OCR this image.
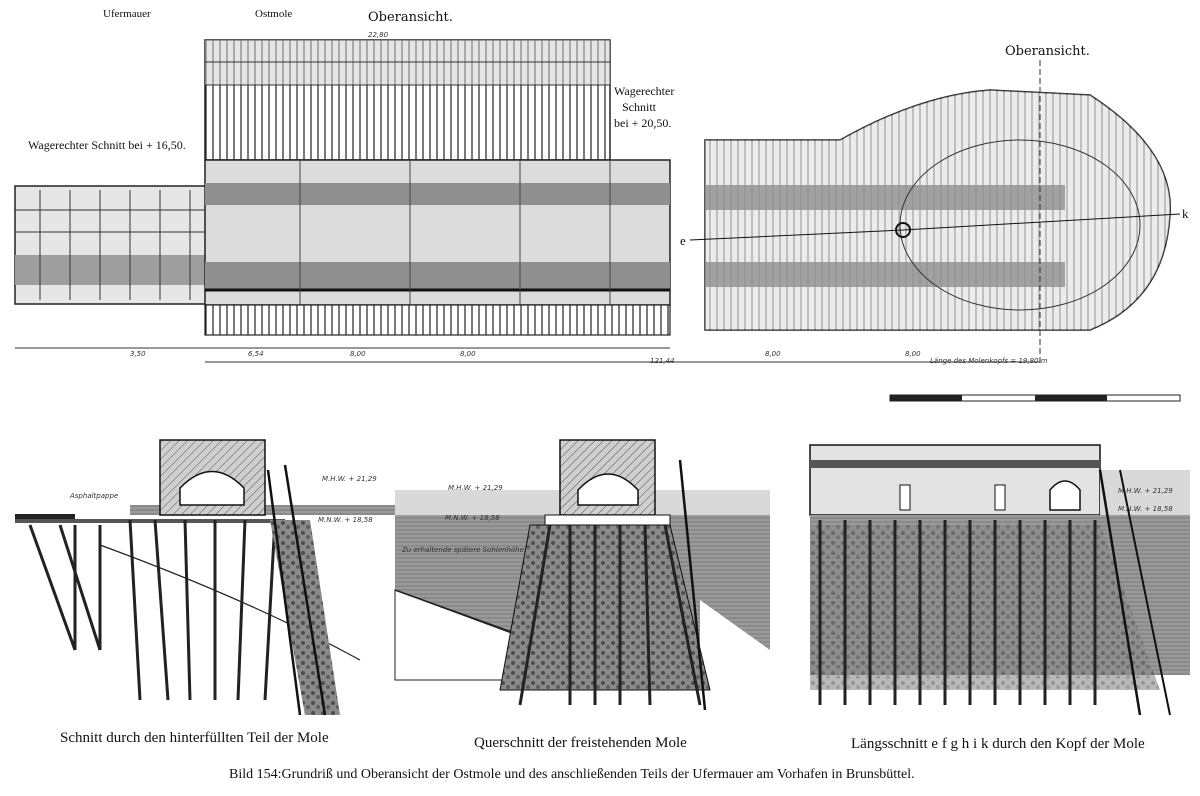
Ufermauer	Ostmole	Oberansicht.
Oberansicht.
Wagerechter Schnitt bei + 16,50.
Wagerechter
Schnitt
bei + 20,50.
e
k
22,80
3,50	6,54	8,00	8,00
121,44
8,00	8,00
Länge des Molenkopfs = 19,80 m
Asphaltpappe
M.H.W. + 21,29
M.N.W. + 18,58
M.H.W. + 21,29
M.N.W. + 18,58
Zu erhaltende spätere Sohlenhöhe
M.H.W. + 21,29
M.N.W. + 18,58
Schnitt durch den hinterfüllten Teil der Mole	Querschnitt der freistehenden Mole	Längsschnitt e f g h i k durch den Kopf der Mole
Bild 154:Grundriß und Oberansicht der Ostmole und des anschließenden Teils der Ufermauer am Vorhafen in Brunsbüttel.
